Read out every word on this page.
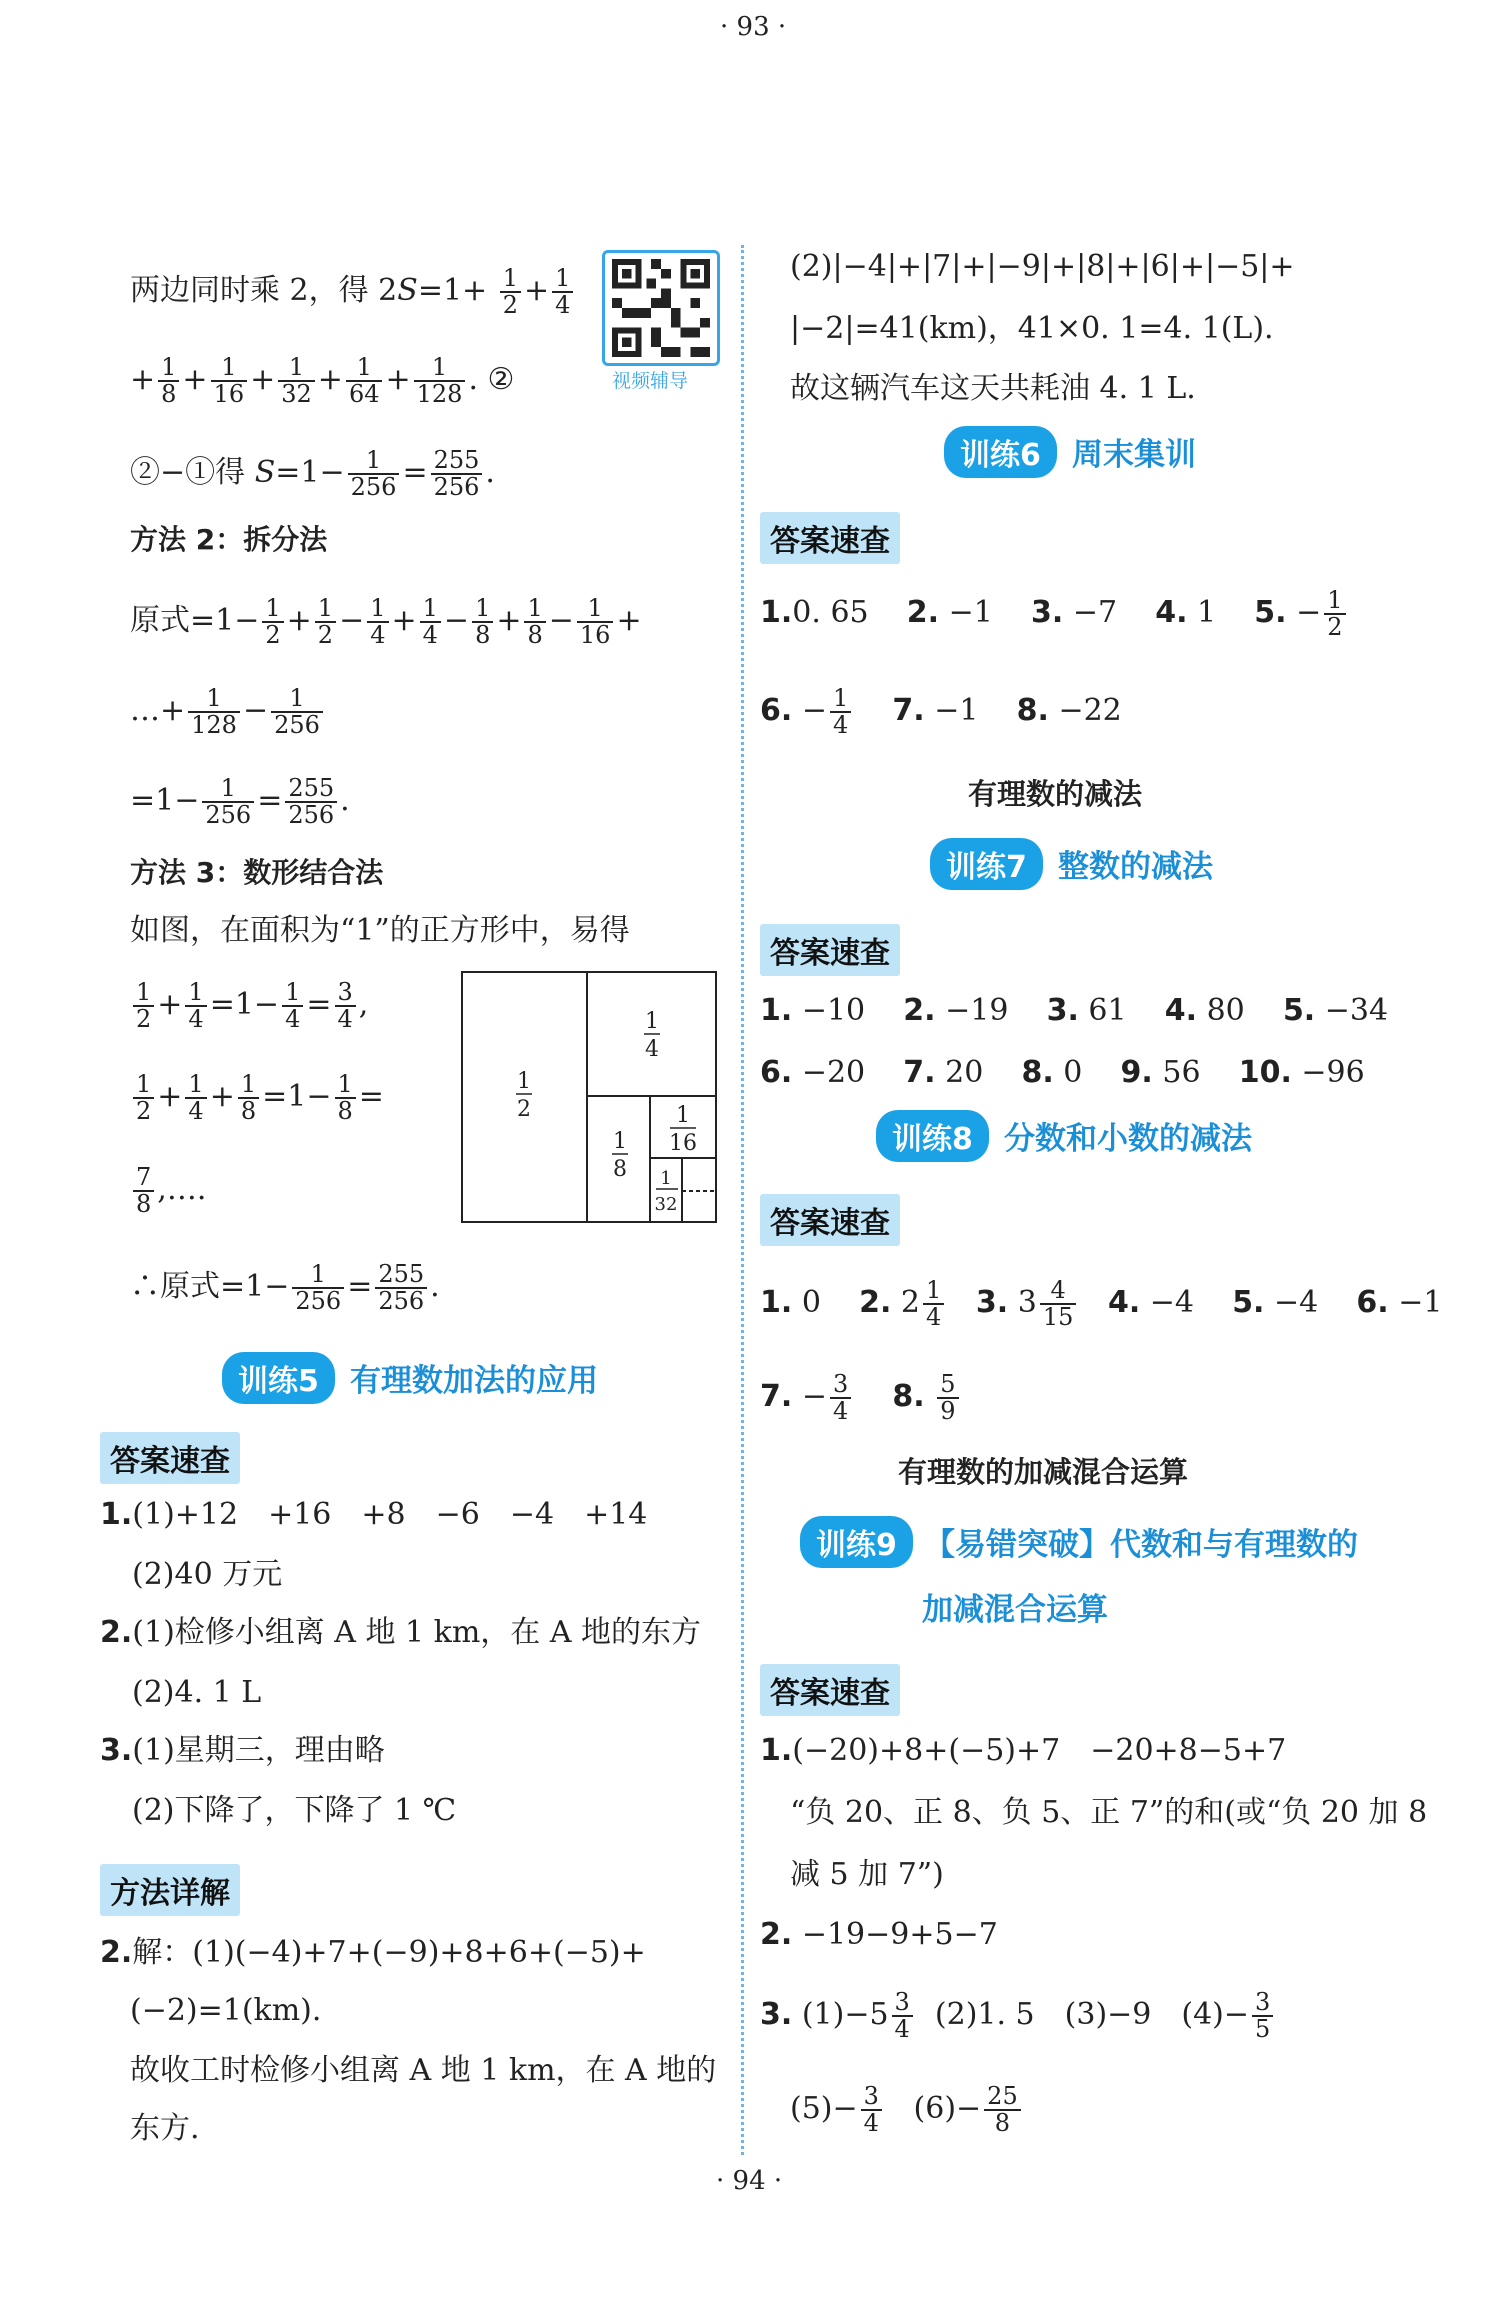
· 93 ·
· 94 ·
视频辅导
两边同时乘 2，得 $2S=1+ \frac{1}{2} + \frac{1}{4}$
+ $\frac{1}{8} + \frac{1}{16} + \frac{1}{32} + \frac{1}{64} + \frac{1}{128}$ . ②
②−①得 $S=1- \frac{1}{256} = \frac{255}{256}$ .
方法 2：拆分法
原式$=1- \frac{1}{2} + \frac{1}{2} - \frac{1}{4} + \frac{1}{4} - \frac{1}{8} + \frac{1}{8} - \frac{1}{16}$ +
…+ $\frac{1}{128} - \frac{1}{256}$
$=1- \frac{1}{256} = \frac{255}{256}$ .
方法 3：数形结合法
如图，在面积为“1”的正方形中，易得
$\frac{1}{2} + \frac{1}{4} =1- \frac{1}{4} = \frac{3}{4}$ ,
$\frac{1}{2} + \frac{1}{4} + \frac{1}{8} =1- \frac{1}{8}$ =
$\frac{7}{8}$ ,….
1
2
1
4
1
8
1
16
1
32
∴原式$=1- \frac{1}{256} = \frac{255}{256}$ .
训练5 有理数加法的应用
答案速查
1.(1)+12　+16　+8　−6　−4　+14
(2)40 万元
2.(1)检修小组离 A 地 1 km，在 A 地的东方
(2)4. 1 L
3.(1)星期三，理由略
(2)下降了，下降了 1 ℃
方法详解
2.解：(1)(−4)+7+(−9)+8+6+(−5)+
(−2)=1(km).
故收工时检修小组离 A 地 1 km，在 A 地的
东方.
(2)|−4|+|7|+|−9|+|8|+|6|+|−5|+
|−2|=41(km)，41×0. 1=4. 1(L).
故这辆汽车这天共耗油 4. 1 L.
训练6 周末集训
答案速查
1.0. 65 2. −1 3. −7 4. 1 5. − $\frac{1}{2}$
6. − $\frac{1}{4} 7$. −1 8. −22
有理数的减法
训练7 整数的减法
答案速查
1. −10 2. −19 3. 61 4. 80 5. −34
6. −20 7. 20 8. 0 9. 56 10. −96
训练8 分数和小数的减法
答案速查
1. 0 2. $2 \frac{1}{4} 3$. $3 \frac{4}{15} 4$. −4 5. −4 6. −1
7. − $\frac{3}{4} 8$. $\frac{5}{9}$
有理数的加减混合运算
训练9 【易错突破】代数和与有理数的
加减混合运算
答案速查
1.(−20)+8+(−5)+7　−20+8−5+7
“负 20、正 8、负 5、正 7”的和(或“负 20 加 8
减 5 加 7”)
2. −19−9+5−7
3. $(1)-5 \frac{3}{4} (2)1$. 5　(3)−9　$(4)- \frac{3}{5}$
$(5)- \frac{3}{4} (6)- \frac{25}{8}$
